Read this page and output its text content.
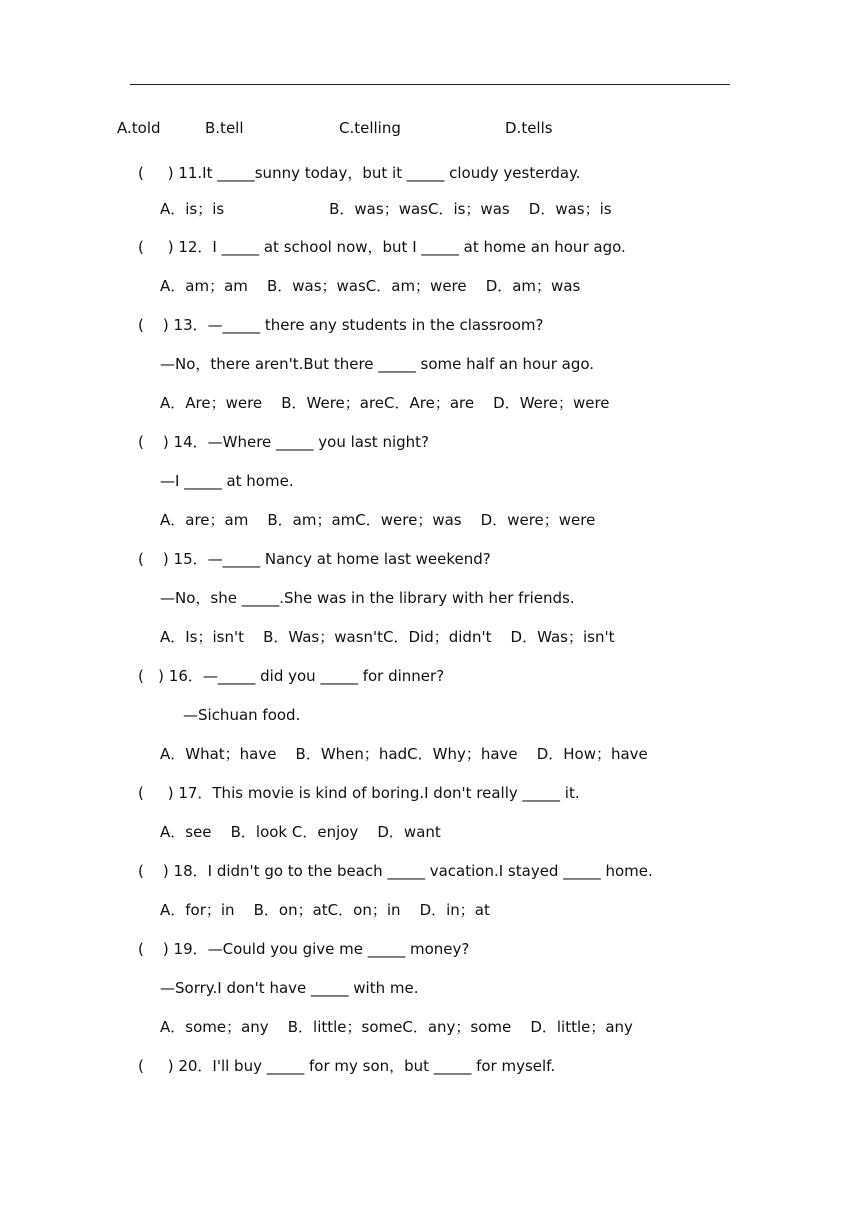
A.told	B.tell	C.telling	D.tells
(     ) 11.It _____sunny today，but it _____ cloudy yesterday.
A．is；is                      B．was；wasC．is；was    D．was；is
(     ) 12．I _____ at school now，but I _____ at home an hour ago.
A．am；am    B．was；wasC．am；were    D．am；was
(    ) 13．—_____ there any students in the classroom?
—No，there aren't.But there _____ some half an hour ago.
A．Are；were    B．Were；areC．Are；are    D．Were；were
(    ) 14．—Where _____ you last night?
—I _____ at home.
A．are；am    B．am；amC．were；was    D．were；were
(    ) 15．—_____ Nancy at home last weekend?
—No，she _____.She was in the library with her friends.
A．Is；isn't    B．Was；wasn'tC．Did；didn't    D．Was；isn't
(   ) 16．—_____ did you _____ for dinner?
—Sichuan food.
A．What；have    B．When；hadC．Why；have    D．How；have
(     ) 17．This movie is kind of boring.I don't really _____ it.
A．see    B．look C．enjoy    D．want
(    ) 18．I didn't go to the beach _____ vacation.I stayed _____ home.
A．for；in    B．on；atC．on；in    D．in；at
(    ) 19．—Could you give me _____ money?
—Sorry.I don't have _____ with me.
A．some；any    B．little；someC．any；some    D．little；any
(     ) 20．I'll buy _____ for my son，but _____ for myself.
